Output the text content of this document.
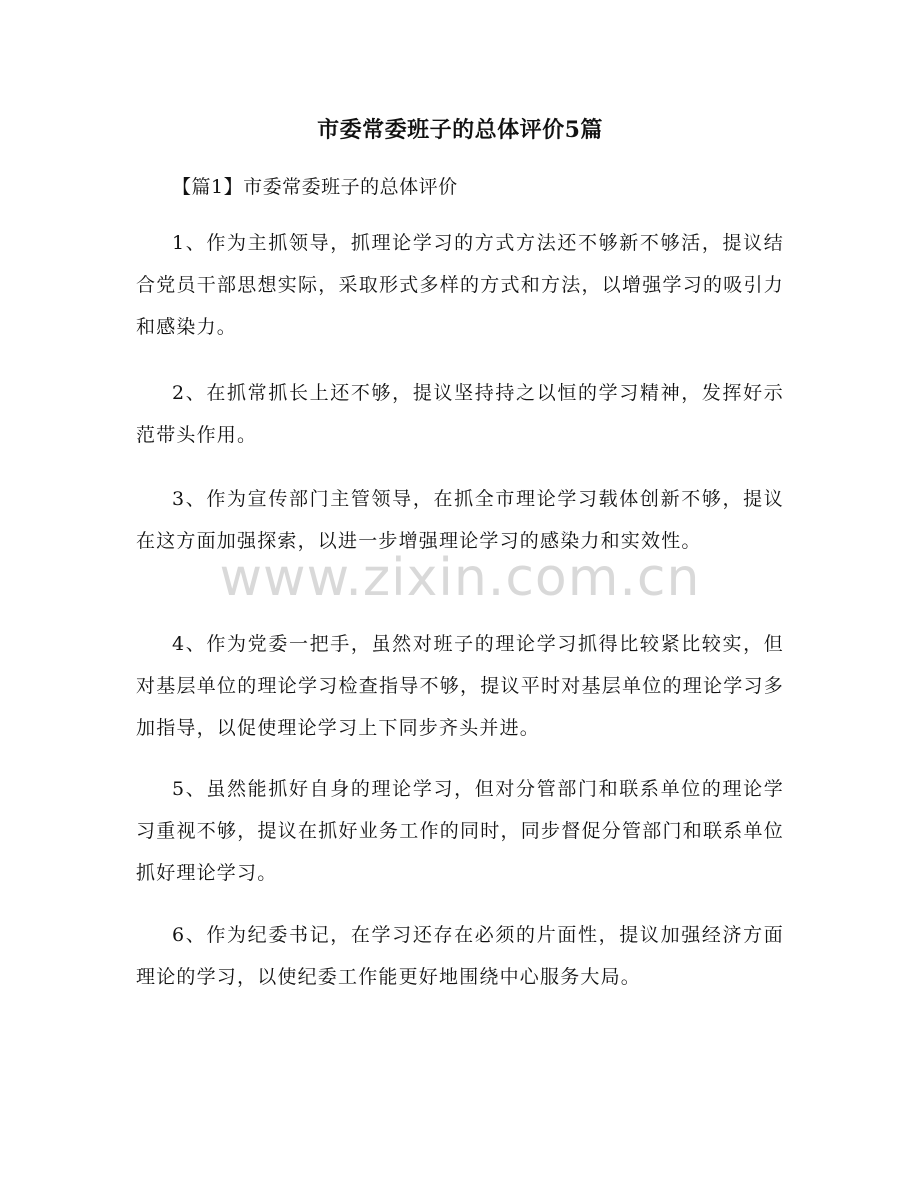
市委常委班子的总体评价5篇
【篇1】市委常委班子的总体评价

1、作为主抓领导，抓理论学习的方式方法还不够新不够活，提议结合党员干部思想实际，采取形式多样的方式和方法，以增强学习的吸引力和感染力。

2、在抓常抓长上还不够，提议坚持持之以恒的学习精神，发挥好示范带头作用。

3、作为宣传部门主管领导，在抓全市理论学习载体创新不够，提议在这方面加强探索，以进一步增强理论学习的感染力和实效性。

4、作为党委一把手，虽然对班子的理论学习抓得比较紧比较实，但对基层单位的理论学习检查指导不够，提议平时对基层单位的理论学习多加指导，以促使理论学习上下同步齐头并进。

5、虽然能抓好自身的理论学习，但对分管部门和联系单位的理论学习重视不够，提议在抓好业务工作的同时，同步督促分管部门和联系单位抓好理论学习。

6、作为纪委书记，在学习还存在必须的片面性，提议加强经济方面理论的学习，以使纪委工作能更好地围绕中心服务大局。

www.zixin.com.cn
